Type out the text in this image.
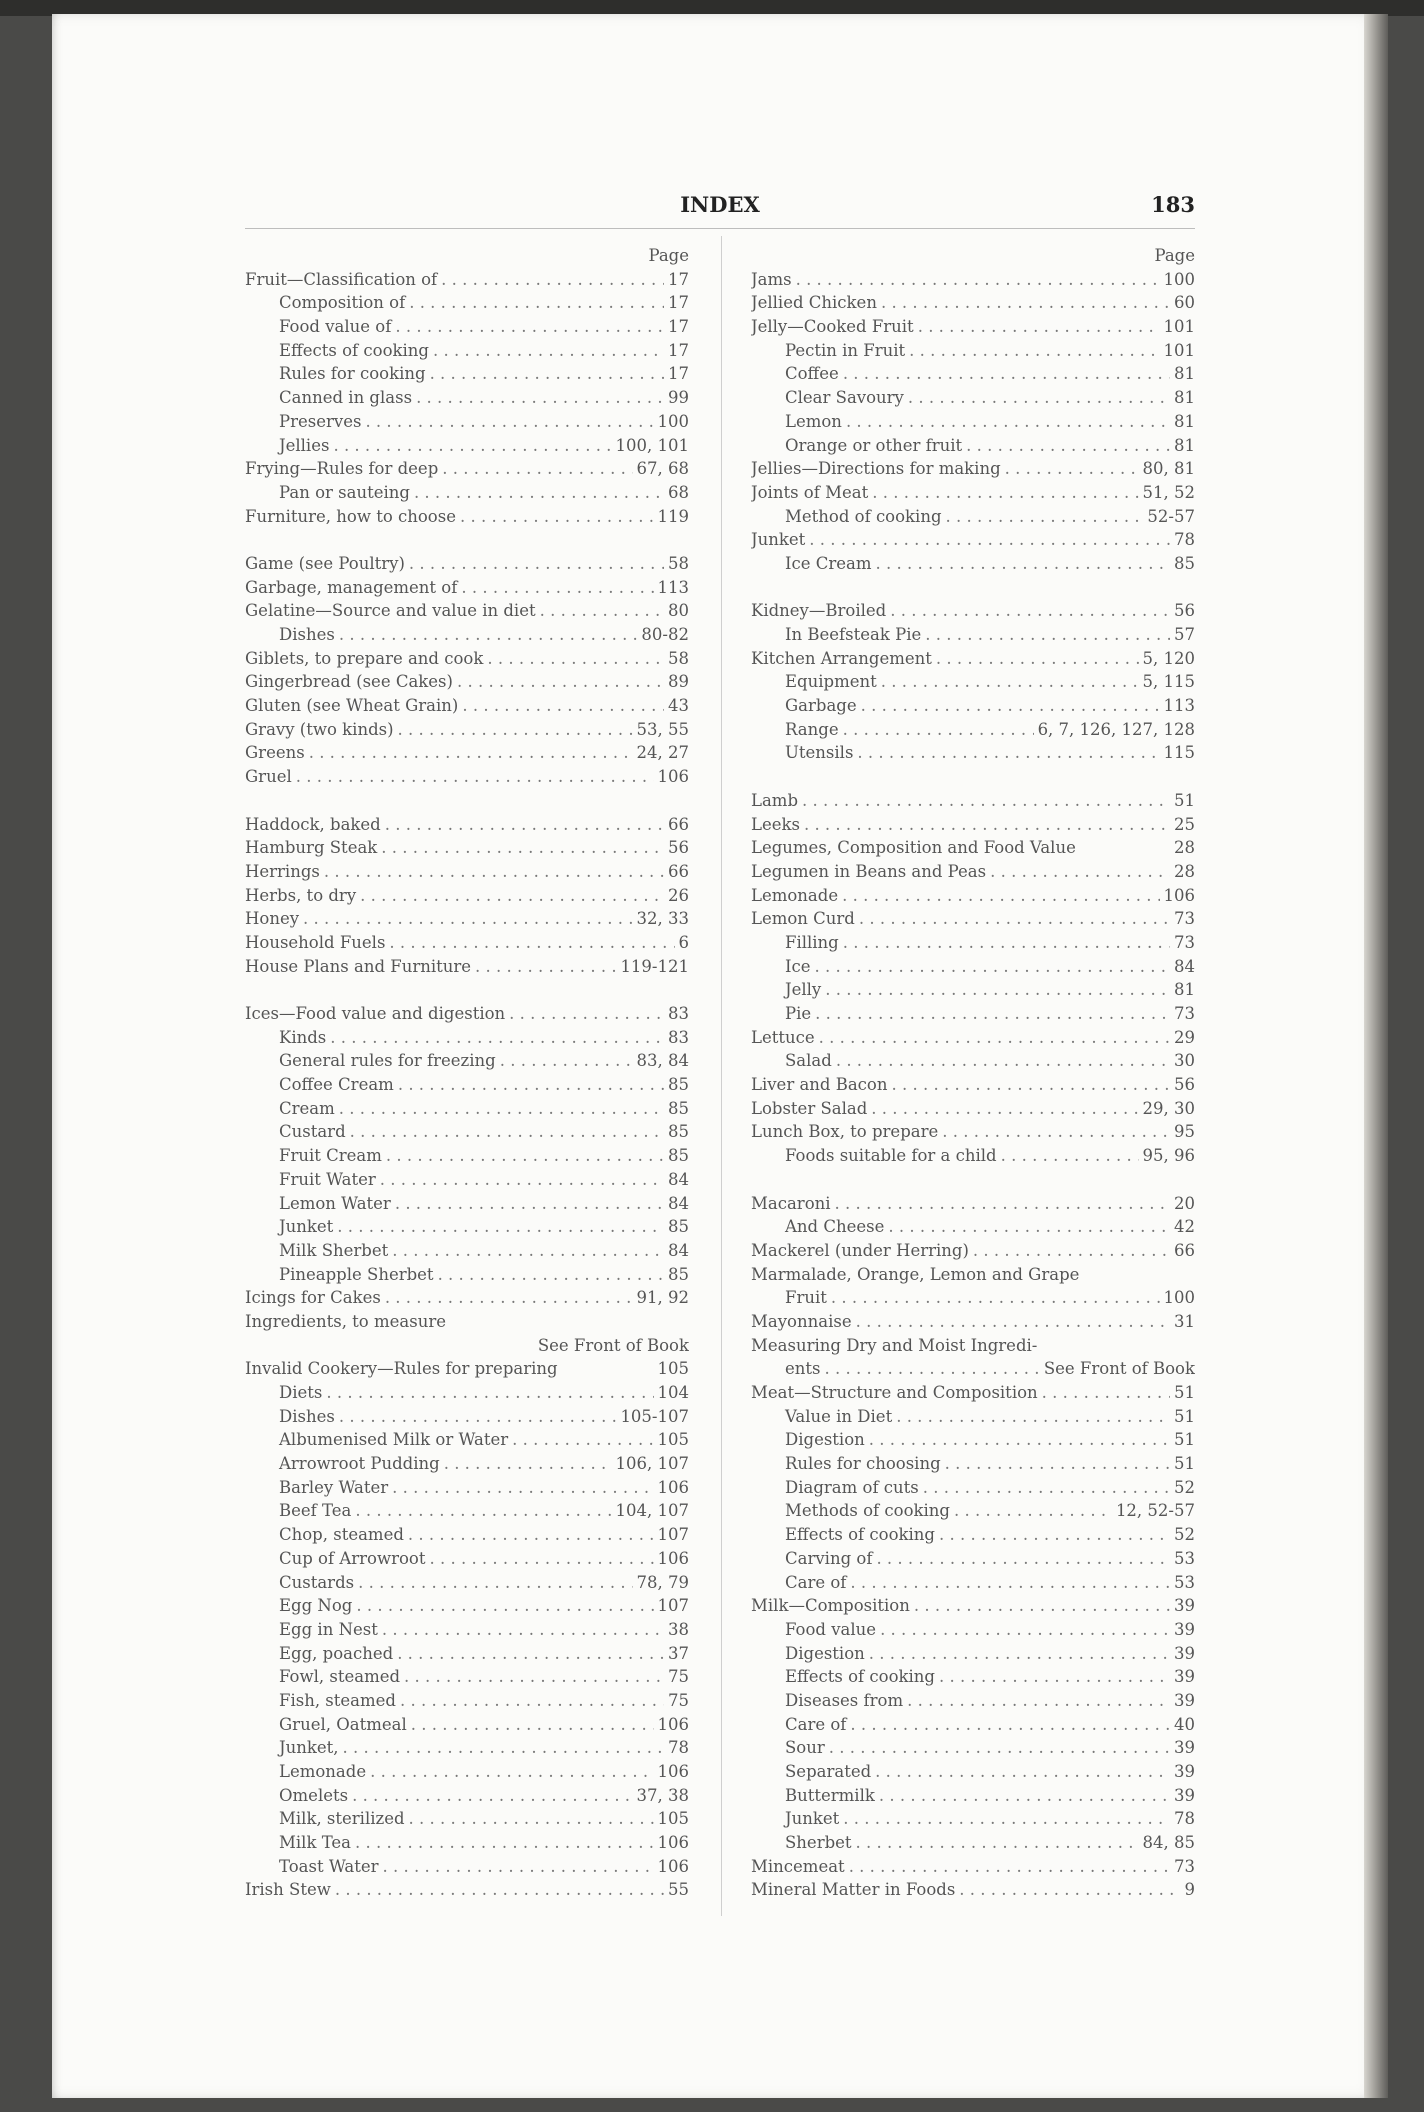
INDEX	183
Page
Fruit—Classification of . . .	17
Composition of . . .	17
Food value of . . .	17
Effects of cooking . . .	17
Rules for cooking . . .	17
Canned in glass . . .	99
Preserves . . .	100
Jellies . . .	100, 101
Frying—Rules for deep . . .	67, 68
Pan or sauteing . . .	68
Furniture, how to choose . . .	119
Game (see Poultry) . . .	58
Garbage, management of . . .	113
Gelatine—Source and value in diet . . .	80
Dishes . . .	80-82
Giblets, to prepare and cook . . .	58
Gingerbread (see Cakes) . . .	89
Gluten (see Wheat Grain) . . .	43
Gravy (two kinds) . . .	53, 55
Greens . . .	24, 27
Gruel . . .	106
Haddock, baked . . .	66
Hamburg Steak . . .	56
Herrings . . .	66
Herbs, to dry . . .	26
Honey . . .	32, 33
Household Fuels . . .	6
House Plans and Furniture . . .	119-121
Ices—Food value and digestion . . .	83
Kinds . . .	83
General rules for freezing . . .	83, 84
Coffee Cream . . .	85
Cream . . .	85
Custard . . .	85
Fruit Cream . . .	85
Fruit Water . . .	84
Lemon Water . . .	84
Junket . . .	85
Milk Sherbet . . .	84
Pineapple Sherbet . . .	85
Icings for Cakes . . .	91, 92
Ingredients, to measure
See Front of Book
Invalid Cookery—Rules for preparing	105
Diets . . .	104
Dishes . . .	105-107
Albumenised Milk or Water . . .	105
Arrowroot Pudding . . .	106, 107
Barley Water . . .	106
Beef Tea . . .	104, 107
Chop, steamed . . .	107
Cup of Arrowroot . . .	106
Custards . . .	78, 79
Egg Nog . . .	107
Egg in Nest . . .	38
Egg, poached . . .	37
Fowl, steamed . . .	75
Fish, steamed . . .	75
Gruel, Oatmeal . . .	106
Junket, . . .	78
Lemonade . . .	106
Omelets . . .	37, 38
Milk, sterilized . . .	105
Milk Tea . . .	106
Toast Water . . .	106
Irish Stew . . .	55
Page
Jams . . .	100
Jellied Chicken . . .	60
Jelly—Cooked Fruit . . .	101
Pectin in Fruit . . .	101
Coffee . . .	81
Clear Savoury . . .	81
Lemon . . .	81
Orange or other fruit . . .	81
Jellies—Directions for making . . .	80, 81
Joints of Meat . . .	51, 52
Method of cooking . . .	52-57
Junket . . .	78
Ice Cream . . .	85
Kidney—Broiled . . .	56
In Beefsteak Pie . . .	57
Kitchen Arrangement . . .	5, 120
Equipment . . .	5, 115
Garbage . . .	113
Range . . .	6, 7, 126, 127, 128
Utensils . . .	115
Lamb . . .	51
Leeks . . .	25
Legumes, Composition and Food Value	28
Legumen in Beans and Peas . . .	28
Lemonade . . .	106
Lemon Curd . . .	73
Filling . . .	73
Ice . . .	84
Jelly . . .	81
Pie . . .	73
Lettuce . . .	29
Salad . . .	30
Liver and Bacon . . .	56
Lobster Salad . . .	29, 30
Lunch Box, to prepare . . .	95
Foods suitable for a child . . .	95, 96
Macaroni . . .	20
And Cheese . . .	42
Mackerel (under Herring) . . .	66
Marmalade, Orange, Lemon and Grape
Fruit . . .	100
Mayonnaise . . .	31
Measuring Dry and Moist Ingredi-
ents . . .	See Front of Book
Meat—Structure and Composition . . .	51
Value in Diet . . .	51
Digestion . . .	51
Rules for choosing . . .	51
Diagram of cuts . . .	52
Methods of cooking . . .	12, 52-57
Effects of cooking . . .	52
Carving of . . .	53
Care of . . .	53
Milk—Composition . . .	39
Food value . . .	39
Digestion . . .	39
Effects of cooking . . .	39
Diseases from . . .	39
Care of . . .	40
Sour . . .	39
Separated . . .	39
Buttermilk . . .	39
Junket . . .	78
Sherbet . . .	84, 85
Mincemeat . . .	73
Mineral Matter in Foods . . .	9
